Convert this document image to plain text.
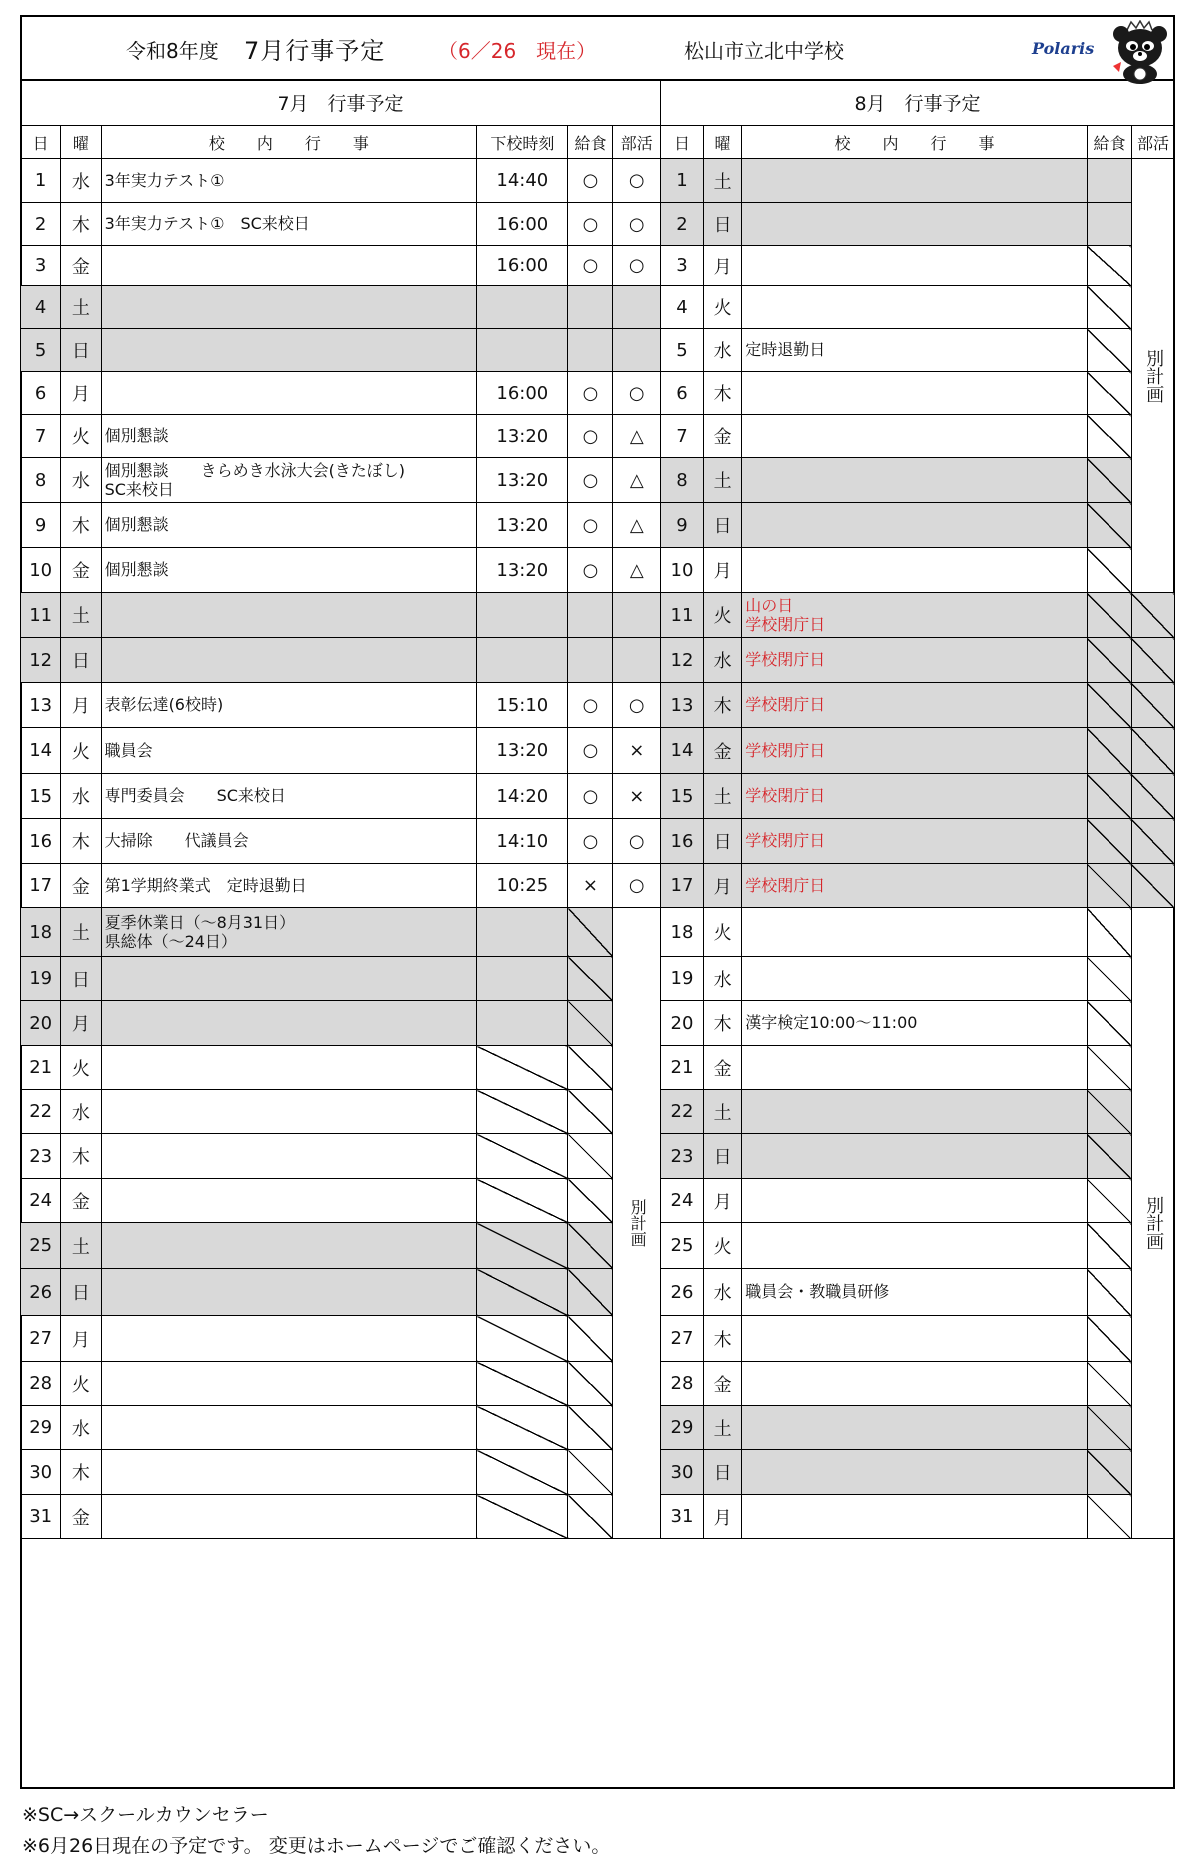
令和8年度 7月行事予定	（6／26　現在）	松山市立北中学校	Polaris
7月　行事予定					
日	曜	校　　内　　行　　事	下校時刻	給食	部活
1	水	3年実力テスト①	14:40	○	○
2	木	3年実力テスト①　SC来校日	16:00	○	○
3	金		16:00	○	○
4	土				
5	日				
6	月		16:00	○	○
7	火	個別懇談	13:20	○	△
8	水	個別懇談　　きらめき水泳大会(きたぼし)
SC来校日	13:20	○	△
9	木	個別懇談	13:20	○	△
10	金	個別懇談	13:20	○	△
11	土				
12	日				
13	月	表彰伝達(6校時)	15:10	○	○
14	火	職員会	13:20	○	×
15	水	専門委員会　　SC来校日	14:20	○	×
16	木	大掃除　　代議員会	14:10	○	○
17	金	第1学期終業式　定時退勤日	10:25	×	○
18	土	夏季休業日（～8月31日）
県総体（～24日）			別計画

19	日				
20	月				
21	火				
22	水				
23	木				
24	金				
25	土				
26	日				
27	月				
28	火				
29	水				
30	木				
31	金				
8月　行事予定				
日	曜	校　　内　　行　　事	給食	部活
1	土			別計画

2	日			
3	月			
4	火			
5	水	定時退勤日		
6	木			
7	金			
8	土			
9	日			
10	月			
11	火	山の日
学校閉庁日		
12	水	学校閉庁日		
13	木	学校閉庁日		
14	金	学校閉庁日		
15	土	学校閉庁日		
16	日	学校閉庁日		
17	月	学校閉庁日		
18	火			別計画

19	水			
20	木	漢字検定10:00～11:00		
21	金			
22	土			
23	日			
24	月			
25	火			
26	水	職員会・教職員研修		
27	木			
28	金			
29	土			
30	日			
31	月			
※SC→スクールカウンセラー
※6月26日現在の予定です。 変更はホームページでご確認ください。
